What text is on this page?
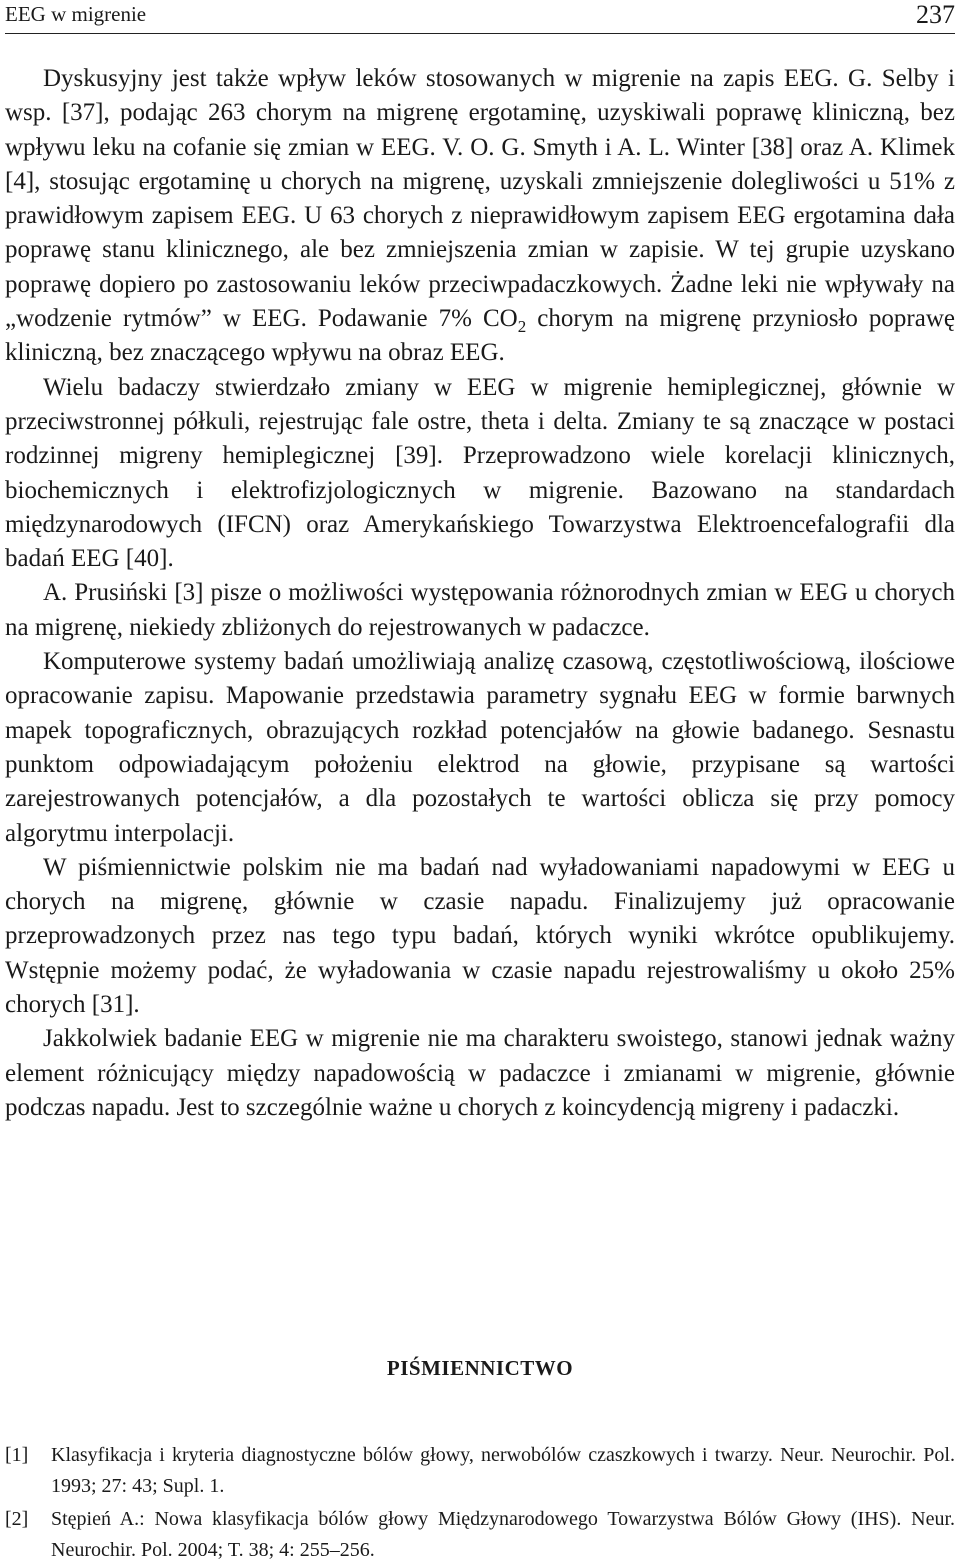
EEG w migrenie	237

Dyskusyjny jest także wpływ leków stosowanych w migrenie na zapis EEG. G. Selby i wsp. [37], podając 263 chorym na migrenę ergotaminę, uzyskiwali poprawę kliniczną, bez wpływu leku na cofanie się zmian w EEG. V. O. G. Smyth i A. L. Winter [38] oraz A. Klimek [4], stosując ergotaminę u chorych na migrenę, uzyskali zmniejszenie dolegliwości u 51% z prawidłowym zapisem EEG. U 63 chorych z nieprawidłowym zapisem EEG ergotamina dała poprawę stanu klinicznego, ale bez zmniejszenia zmian w zapisie. W tej grupie uzyskano poprawę dopiero po zastosowaniu leków przeciwpadaczkowych. Żadne leki nie wpływały na „wodzenie rytmów” w EEG. Podawanie 7% $CO_2$ chorym na migrenę przyniosło poprawę kliniczną, bez znaczącego wpływu na obraz EEG.

Wielu badaczy stwierdzało zmiany w EEG w migrenie hemiplegicznej, głównie w przeciwstronnej półkuli, rejestrując fale ostre, theta i delta. Zmiany te są znaczące w postaci rodzinnej migreny hemiplegicznej [39]. Przeprowadzono wiele korelacji klinicznych, biochemicznych i elektrofizjologicznych w migrenie. Bazowano na standardach międzynarodowych (IFCN) oraz Amerykańskiego Towarzystwa Elektroencefalografii dla badań EEG [40].

A. Prusiński [3] pisze o możliwości występowania różnorodnych zmian w EEG u chorych na migrenę, niekiedy zbliżonych do rejestrowanych w padaczce.

Komputerowe systemy badań umożliwiają analizę czasową, częstotliwościową, ilościowe opracowanie zapisu. Mapowanie przedstawia parametry sygnału EEG w formie barwnych mapek topograficznych, obrazujących rozkład potencjałów na głowie badanego. Sesnastu punktom odpowiadającym położeniu elektrod na głowie, przypisane są wartości zarejestrowanych potencjałów, a dla pozostałych te wartości oblicza się przy pomocy algorytmu interpolacji.

W piśmiennictwie polskim nie ma badań nad wyładowaniami napadowymi w EEG u chorych na migrenę, głównie w czasie napadu. Finalizujemy już opracowanie przeprowadzonych przez nas tego typu badań, których wyniki wkrótce opublikujemy. Wstępnie możemy podać, że wyładowania w czasie napadu rejestrowaliśmy u około 25% chorych [31].

Jakkolwiek badanie EEG w migrenie nie ma charakteru swoistego, stanowi jednak ważny element różnicujący między napadowością w padaczce i zmianami w migrenie, głównie podczas napadu. Jest to szczególnie ważne u chorych z koincydencją migreny i padaczki.

PIŚMIENNICTWO
[1]	Klasyfikacja i kryteria diagnostyczne bólów głowy, nerwobólów czaszkowych i twarzy. Neur. Neurochir. Pol. 1993; 27: 43; Supl. 1.
[2]	Stępień A.: Nowa klasyfikacja bólów głowy Międzynarodowego Towarzystwa Bólów Głowy (IHS). Neur. Neurochir. Pol. 2004; T. 38; 4: 255–256.
